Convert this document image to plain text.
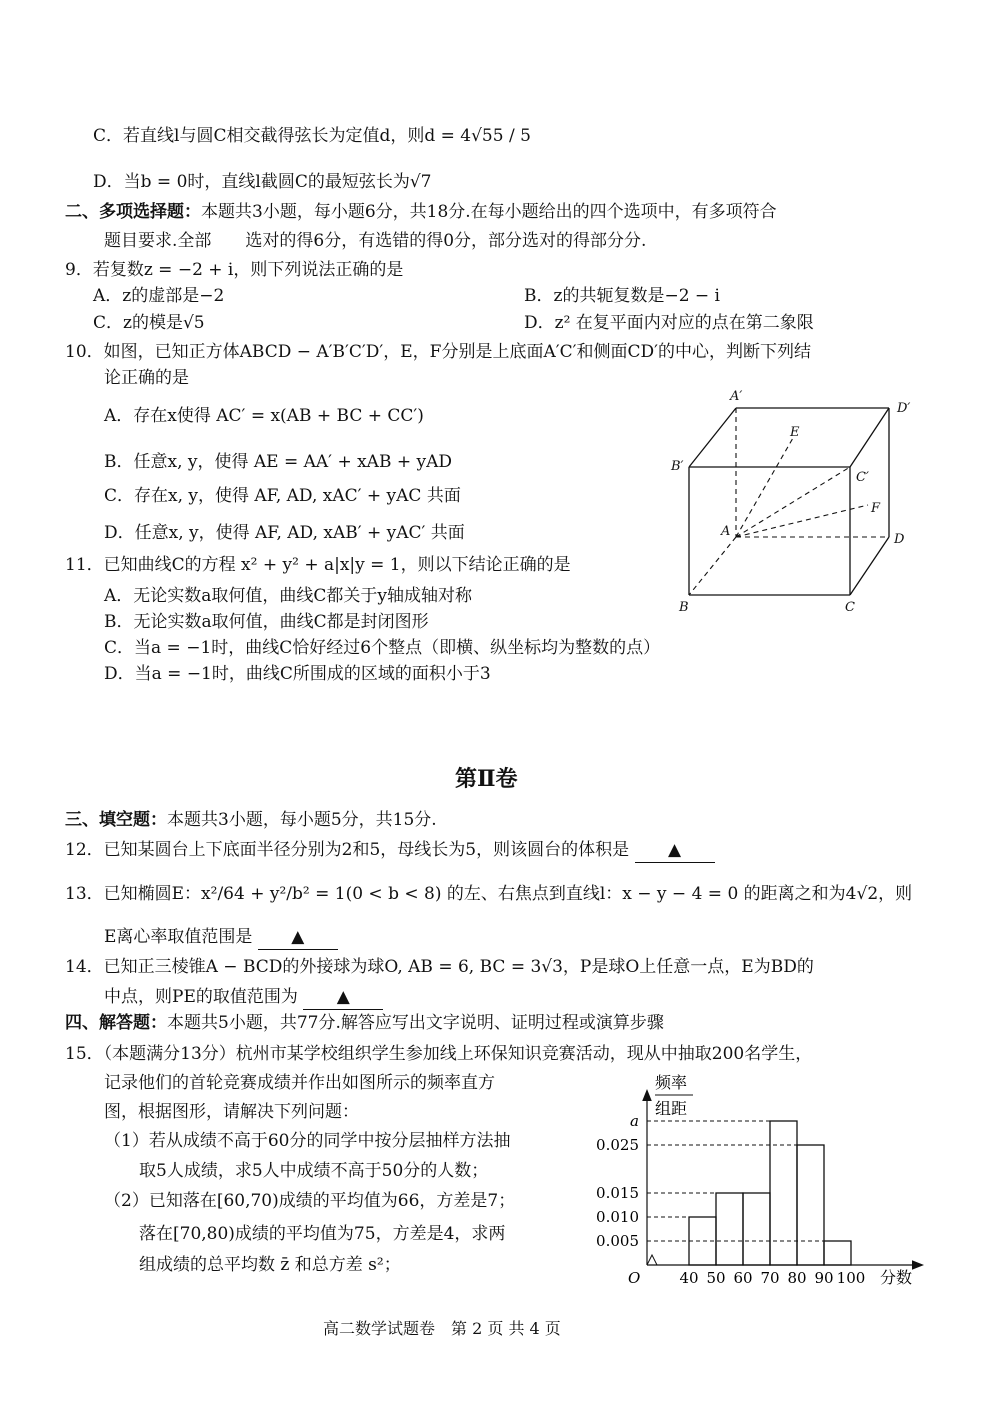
C．若直线l与圆C相交截得弦长为定值d，则d = 4√55 / 5
D．当b = 0时，直线l截圆C的最短弦长为√7
二、多项选择题：本题共3小题，每小题6分，共18分.在每小题给出的四个选项中，有多项符合
题目要求.全部　　选对的得6分，有选错的得0分，部分选对的得部分分.
9．若复数z = −2 + i，则下列说法正确的是
A．z的虚部是−2	B．z的共轭复数是−2 − i
C．z的模是√5	D．z² 在复平面内对应的点在第二象限
10．如图，已知正方体ABCD − A′B′C′D′，E，F分别是上底面A′C′和侧面CD′的中心，判断下列结
论正确的是
A．存在x使得 AC′ = x(AB + BC + CC′)
B．任意x, y，使得 AE = AA′ + xAB + yAD
C．存在x, y，使得 AF, AD, xAC′ + yAC 共面
D．任意x, y，使得 AF, AD, xAB′ + yAC′ 共面
A′
D′
B′
C′
E
F
A
D
B	C
11．已知曲线C的方程 x² + y² + a|x|y = 1，则以下结论正确的是
A．无论实数a取何值，曲线C都关于y轴成轴对称
B．无论实数a取何值，曲线C都是封闭图形
C．当a = −1时，曲线C恰好经过6个整点（即横、纵坐标均为整数的点）
D．当a = −1时，曲线C所围成的区域的面积小于3
第Ⅱ卷
三、填空题：本题共3小题，每小题5分，共15分.
12．已知某圆台上下底面半径分别为2和5，母线长为5，则该圆台的体积是 ▲
13．已知椭圆E：x²/64 + y²/b² = 1(0 < b < 8) 的左、右焦点到直线l：x − y − 4 = 0 的距离之和为4√2，则
E离心率取值范围是 ▲
14．已知正三棱锥A − BCD的外接球为球O, AB = 6, BC = 3√3，P是球O上任意一点，E为BD的
中点，则PE的取值范围为 ▲
四、解答题：本题共5小题，共77分.解答应写出文字说明、证明过程或演算步骤
15．（本题满分13分）杭州市某学校组织学生参加线上环保知识竞赛活动，现从中抽取200名学生，
记录他们的首轮竞赛成绩并作出如图所示的频率直方
图，根据图形，请解决下列问题：
（1）若从成绩不高于60分的同学中按分层抽样方法抽
取5人成绩，求5人中成绩不高于50分的人数；
（2）已知落在[60,70)成绩的平均值为66，方差是7；
落在[70,80)成绩的平均值为75，方差是4，求两
组成绩的总平均数 z̄ 和总方差 s²；
频率
组距
O	分数
a
0.025
0.015
0.010
0.005
40 50 60 70 80 90 100
高二数学试题卷　第 2 页 共 4 页
